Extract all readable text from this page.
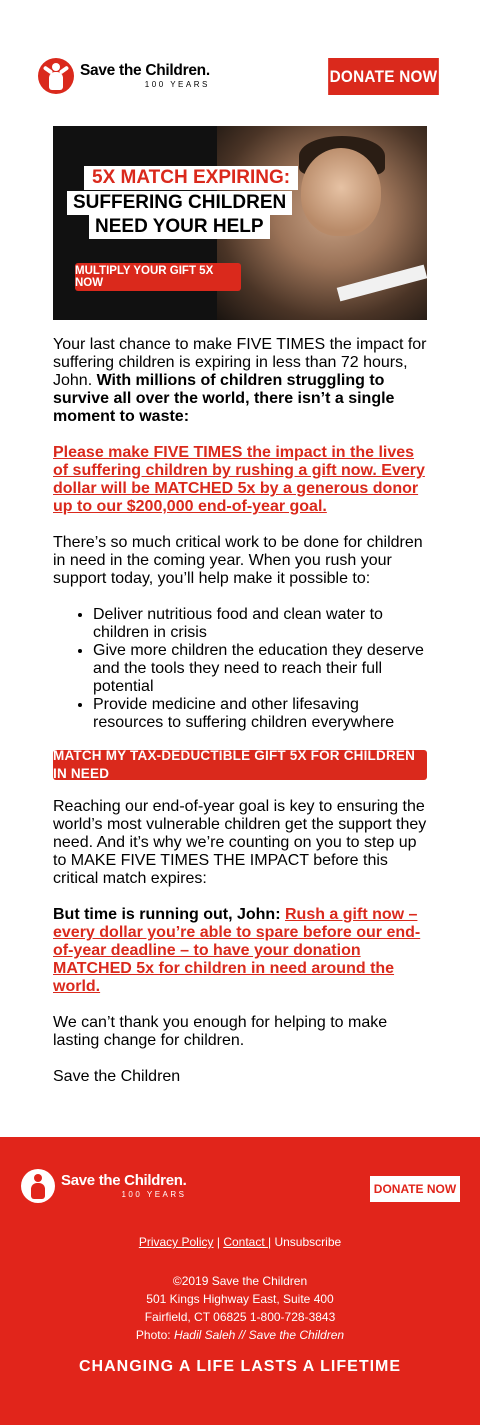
Save the Children.
100 YEARS	DONATE NOW
5X MATCH EXPIRING:
SUFFERING CHILDREN
NEED YOUR HELP
MULTIPLY YOUR GIFT 5X NOW

Your last chance to make FIVE TIMES the impact for suffering children is expiring in less than 72 hours, John. With millions of children struggling to survive all over the world, there isn’t a single moment to waste:

Please make FIVE TIMES the impact in the lives of suffering children by rushing a gift now. Every dollar will be MATCHED 5x by a generous donor up to our $200,000 end-of-year goal.

There’s so much critical work to be done for children in need in the coming year. When you rush your support today, you’ll help make it possible to:

• Deliver nutritious food and clean water to children in crisis
• Give more children the education they deserve and the tools they need to reach their full potential
• Provide medicine and other lifesaving resources to suffering children everywhere
MATCH MY TAX-DEDUCTIBLE GIFT 5X FOR CHILDREN IN NEED

Reaching our end-of-year goal is key to ensuring the world’s most vulnerable children get the support they need. And it’s why we’re counting on you to step up to MAKE FIVE TIMES THE IMPACT before this critical match expires:

But time is running out, John: Rush a gift now – every dollar you’re able to spare before our end-of-year deadline – to have your donation MATCHED 5x for children in need around the world.

We can’t thank you enough for helping to make lasting change for children.

Save the Children

Save the Children.
100 YEARS	DONATE NOW
Privacy Policy | Contact | Unsubscribe
©2019 Save the Children
501 Kings Highway East, Suite 400
Fairfield, CT 06825 1-800-728-3843
Photo: Hadil Saleh // Save the Children
CHANGING A LIFE LASTS A LIFETIME
